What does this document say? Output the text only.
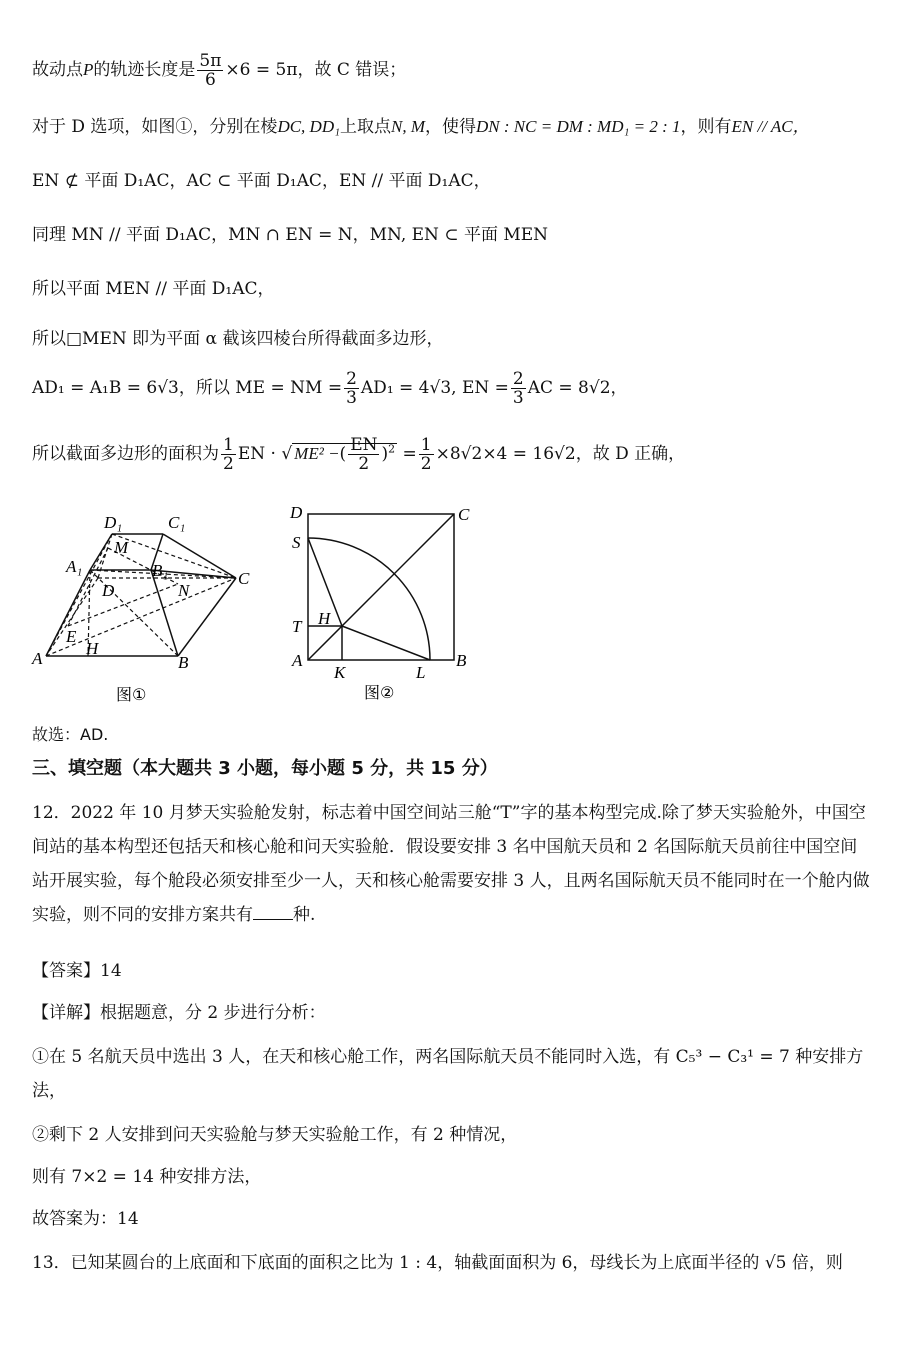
故动点P的轨迹长度是 $\frac{5\pi}{6} \times 6 = 5\pi$，故 C 错误；
对于 D 选项，如图①，分别在棱DC, DD₁上取点N, M，使得DN : NC = DM : MD₁ = 2 : 1，则有EN // AC，
EN ⊄ 平面 D₁AC，AC ⊂ 平面 D₁AC，EN // 平面 D₁AC，
同理 MN // 平面 D₁AC，MN ∩ EN = N，MN, EN ⊂ 平面 MEN
所以平面 MEN // 平面 D₁AC，
所以□MEN 即为平面 α 截该四棱台所得截面多边形，
AD₁ = A₁B = 6√3，所以 ME = NM = $\frac{2}{3} AD_1 = 4√3$, EN = $\frac{2}{3}$ AC = 8√2，
所以截面多边形的面积为 $\frac{1}{2}$ EN · √ ME² −( $\frac{EN}{2} )^2 = \frac{1}{2} \times 8√2\times 4 = 16√2$，故 D 正确，
D₁	C₁
M
A₁	B₁
D	N
C
E
A
H
B
图①
D	C
S
H
T
A
K	L
B
图②
故选：AD.
三、填空题（本大题共 3 小题，每小题 5 分，共 15 分）
12．2022 年 10 月梦天实验舱发射，标志着中国空间站三舱“T”字的基本构型完成.除了梦天实验舱外，中国空间站的基本构型还包括天和核心舱和问天实验舱．假设要安排 3 名中国航天员和 2 名国际航天员前往中国空间站开展实验，每个舱段必须安排至少一人，天和核心舱需要安排 3 人，且两名国际航天员不能同时在一个舱内做实验，则不同的安排方案共有 种.
【答案】14
【详解】根据题意，分 2 步进行分析：
①在 5 名航天员中选出 3 人，在天和核心舱工作，两名国际航天员不能同时入选，有 C₅³ − C₃¹ = 7 种安排方法，
②剩下 2 人安排到问天实验舱与梦天实验舱工作，有 2 种情况，
则有 7×2 = 14 种安排方法，
故答案为：14
13．已知某圆台的上底面和下底面的面积之比为 1 : 4，轴截面面积为 6，母线长为上底面半径的 √5 倍，则
